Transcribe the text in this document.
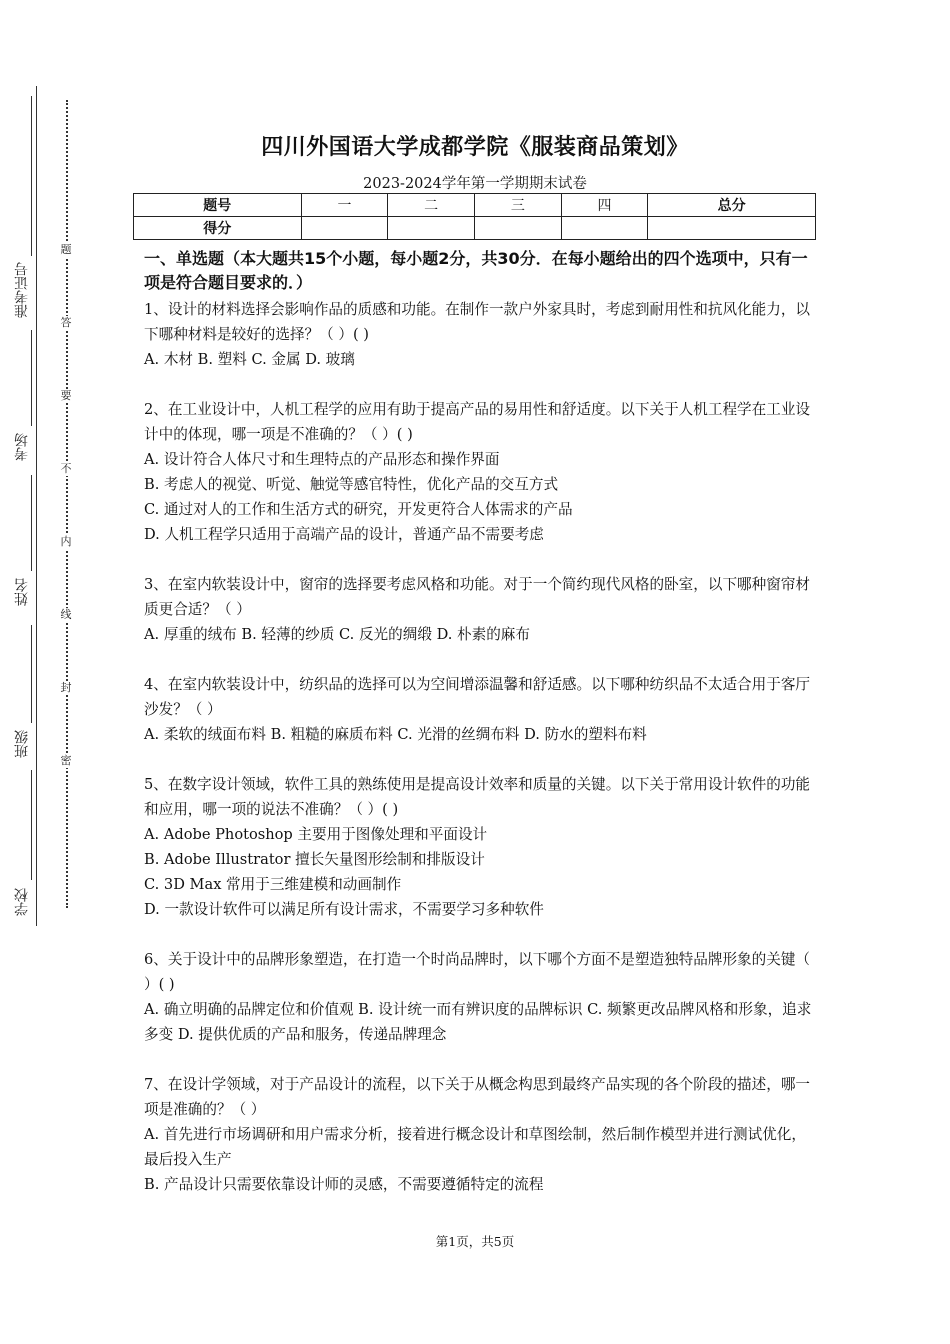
准考证号
考场
姓名
班级
学校
题
答
要
不
内
线
封
密
四川外国语大学成都学院《服装商品策划》
2023-2024学年第一学期期末试卷
题号	一	二	三	四	总分
得分					
一、单选题（本大题共15个小题，每小题2分，共30分．在每小题给出的四个选项中，只有一项是符合题目要求的．）

1、设计的材料选择会影响作品的质感和功能。在制作一款户外家具时，考虑到耐用性和抗风化能力，以下哪种材料是较好的选择？（ ）( )

A. 木材 B. 塑料 C. 金属 D. 玻璃

2、在工业设计中，人机工程学的应用有助于提高产品的易用性和舒适度。以下关于人机工程学在工业设计中的体现，哪一项是不准确的？（ ）( )

A. 设计符合人体尺寸和生理特点的产品形态和操作界面

B. 考虑人的视觉、听觉、触觉等感官特性，优化产品的交互方式

C. 通过对人的工作和生活方式的研究，开发更符合人体需求的产品

D. 人机工程学只适用于高端产品的设计，普通产品不需要考虑

3、在室内软装设计中，窗帘的选择要考虑风格和功能。对于一个简约现代风格的卧室，以下哪种窗帘材质更合适？（ ）

A. 厚重的绒布 B. 轻薄的纱质 C. 反光的绸缎 D. 朴素的麻布

4、在室内软装设计中，纺织品的选择可以为空间增添温馨和舒适感。以下哪种纺织品不太适合用于客厅沙发？（ ）

A. 柔软的绒面布料 B. 粗糙的麻质布料 C. 光滑的丝绸布料 D. 防水的塑料布料

5、在数字设计领域，软件工具的熟练使用是提高设计效率和质量的关键。以下关于常用设计软件的功能和应用，哪一项的说法不准确？（ ）( )

A. Adobe Photoshop 主要用于图像处理和平面设计

B. Adobe Illustrator 擅长矢量图形绘制和排版设计

C. 3D Max 常用于三维建模和动画制作

D. 一款设计软件可以满足所有设计需求，不需要学习多种软件

6、关于设计中的品牌形象塑造，在打造一个时尚品牌时，以下哪个方面不是塑造独特品牌形象的关键（ ）( )

A. 确立明确的品牌定位和价值观 B. 设计统一而有辨识度的品牌标识 C. 频繁更改品牌风格和形象，追求多变 D. 提供优质的产品和服务，传递品牌理念

7、在设计学领域，对于产品设计的流程，以下关于从概念构思到最终产品实现的各个阶段的描述，哪一项是准确的？（ ）

A. 首先进行市场调研和用户需求分析，接着进行概念设计和草图绘制，然后制作模型并进行测试优化，最后投入生产

B. 产品设计只需要依靠设计师的灵感，不需要遵循特定的流程

第1页，共5页
